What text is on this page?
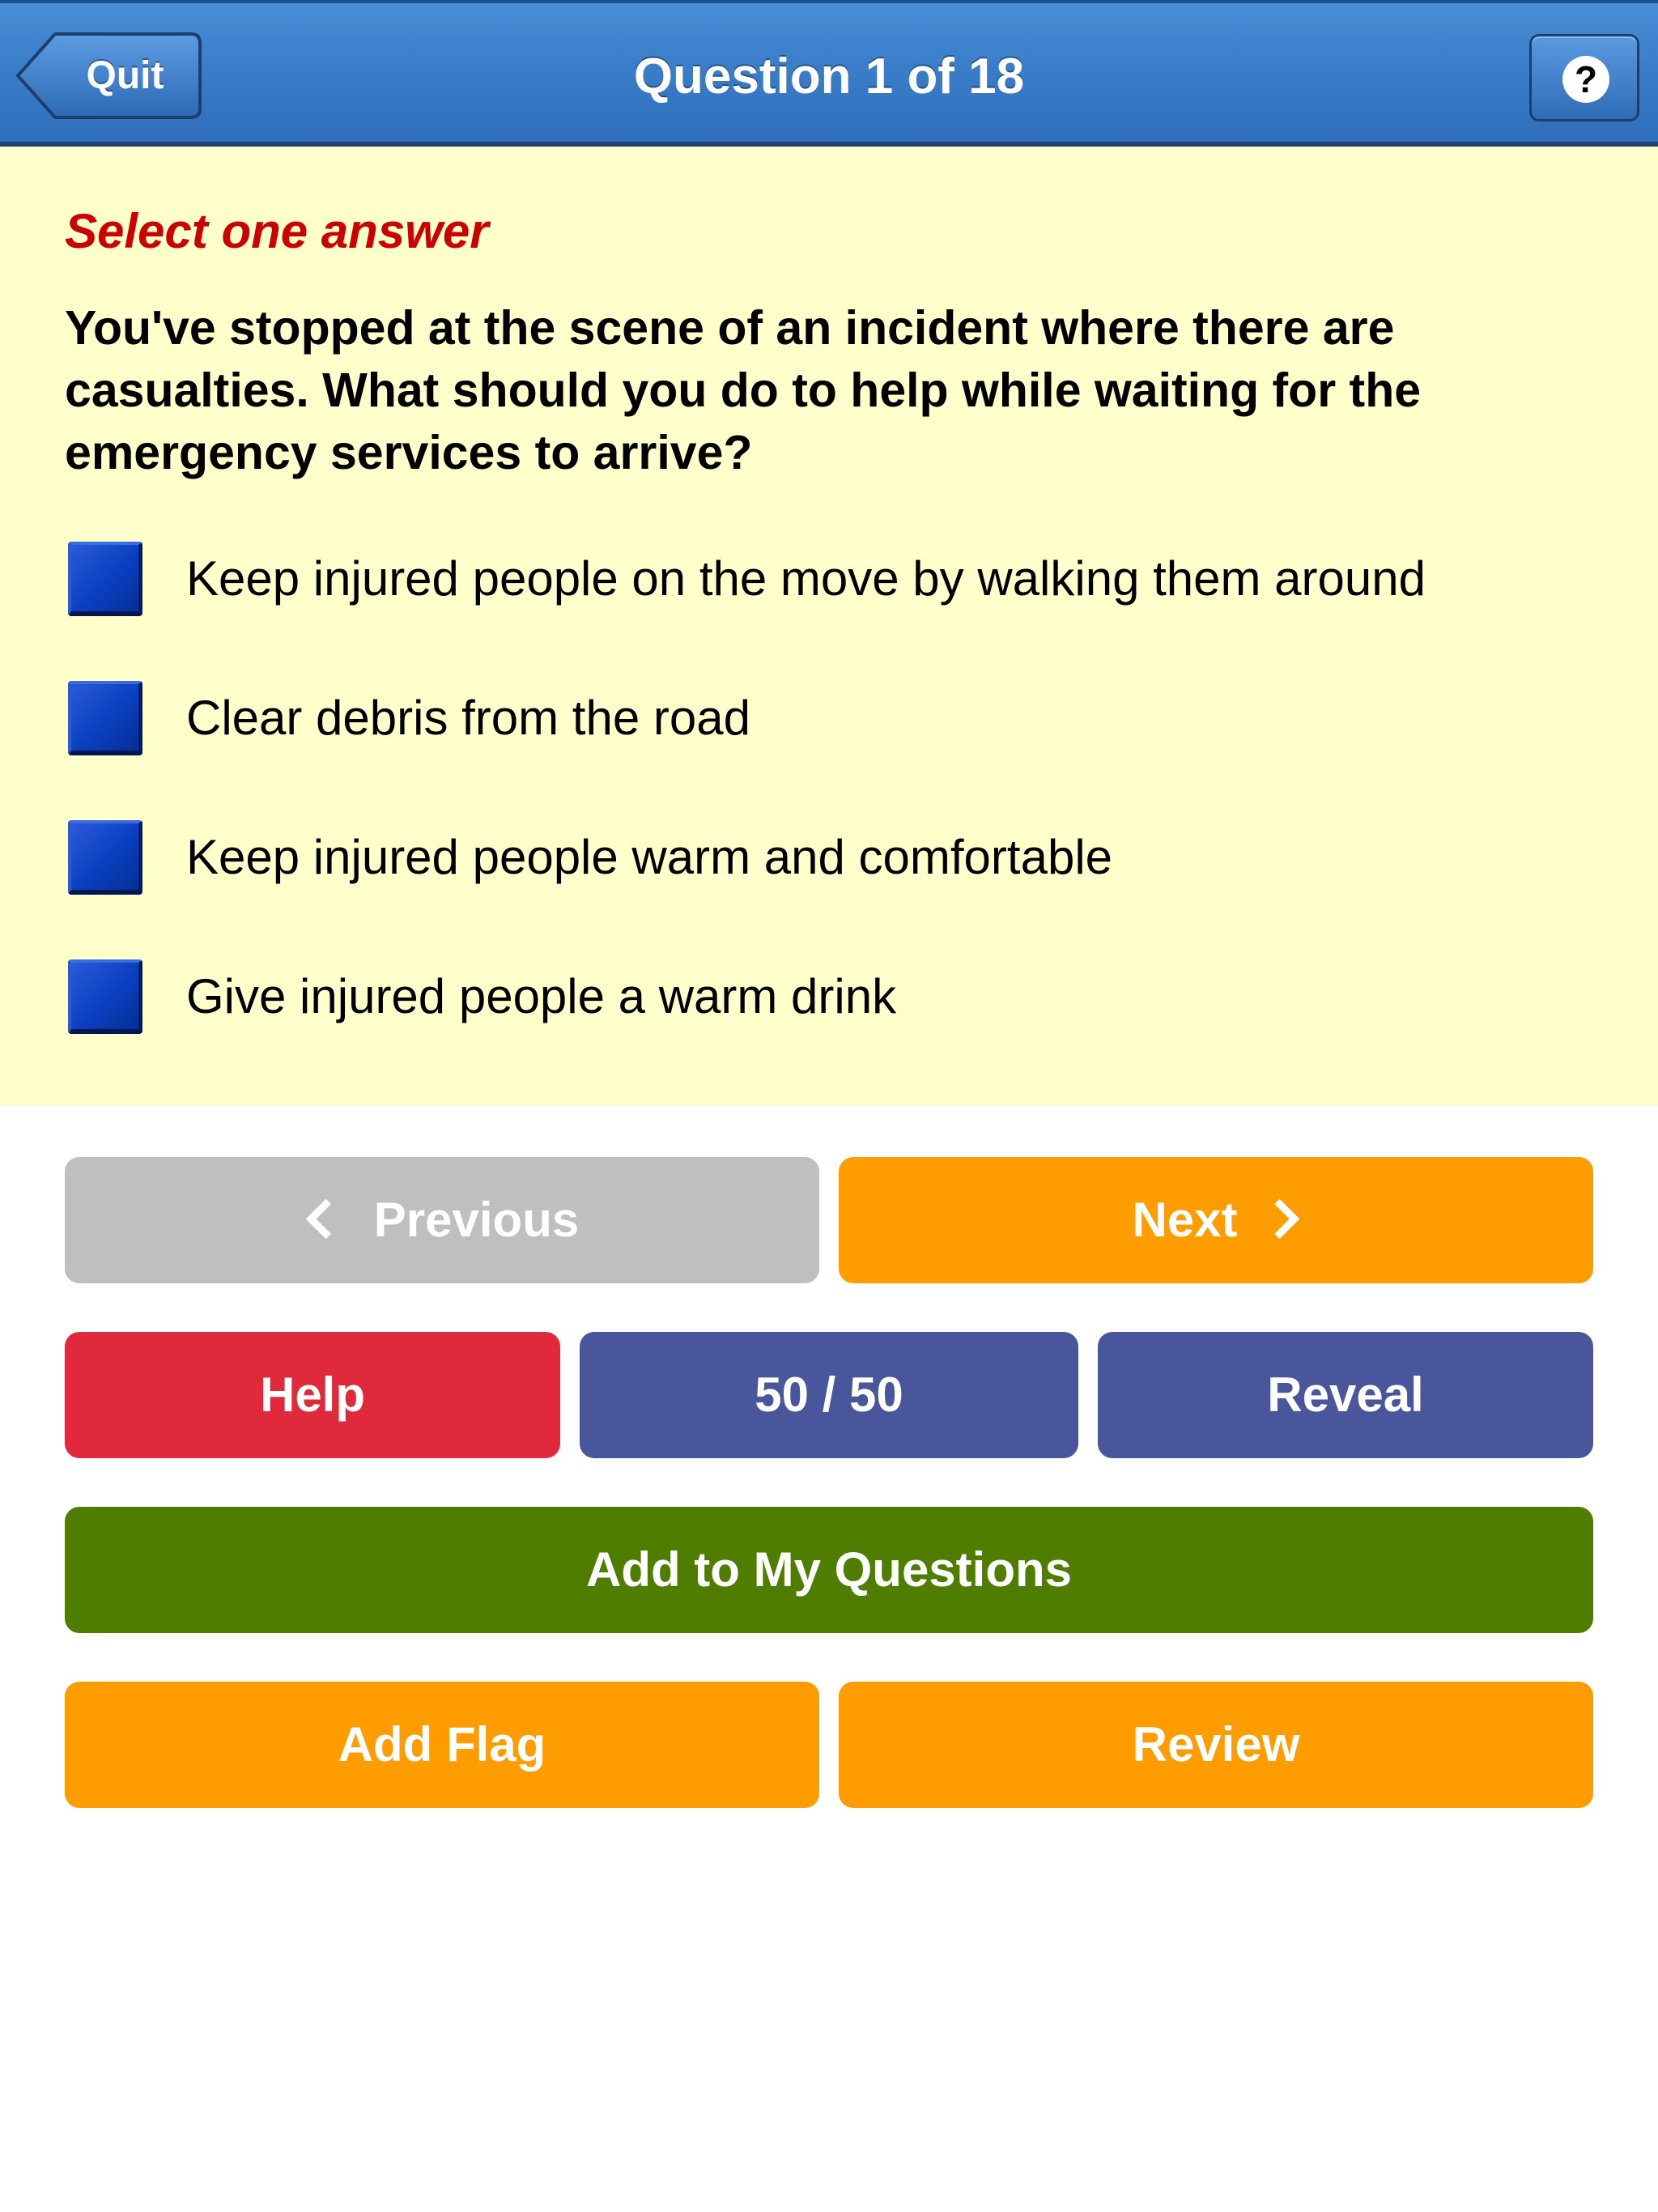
Quit	Question 1 of 18	?
Select one answer
You've stopped at the scene of an incident where there are casualties. What should you do to help while waiting for the emergency services to arrive?
Keep injured people on the move by walking them around
Clear debris from the road
Keep injured people warm and comfortable
Give injured people a warm drink
Previous	Next
Help	50 / 50	Reveal
Add to My Questions
Add Flag	Review
